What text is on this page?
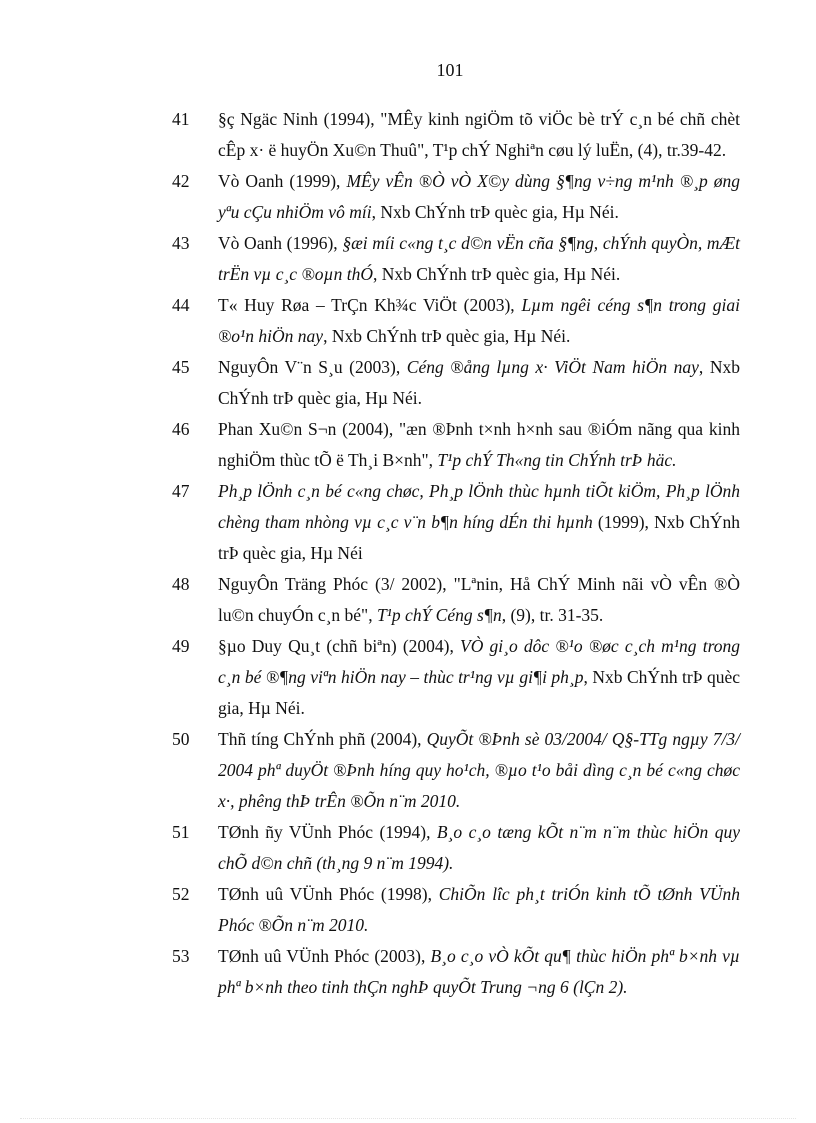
101

41 §ç Ngäc Ninh (1994), "MÊy kinh ngiÖm tõ viÖc bè trÝ c¸n bé chñ chèt cÊp x· ë huyÖn Xu©n Thuû", T¹p chÝ Nghiªn cøu lý luËn, (4), tr.39-42.

42 Vò Oanh (1999), MÊy vÊn ®Ò vÒ X©y dùng §¶ng v÷ng m¹nh ®¸p øng yªu cÇu nhiÖm vô míi, Nxb ChÝnh trÞ quèc gia, Hµ Néi.

43 Vò Oanh (1996), §æi míi c«ng t¸c d©n vËn cña §¶ng, chÝnh quyÒn, mÆt trËn vµ c¸c ®oµn thÓ, Nxb ChÝnh trÞ quèc gia, Hµ Néi.

44 T« Huy Røa – TrÇn Kh¾c ViÖt (2003), Lµm ngêi céng s¶n trong giai ®o¹n hiÖn nay, Nxb ChÝnh trÞ quèc gia, Hµ Néi.

45 NguyÔn V¨n S¸u (2003), Céng ®ång lµng x· ViÖt Nam hiÖn nay, Nxb ChÝnh trÞ quèc gia, Hµ Néi.

46 Phan Xu©n S¬n (2004), "æn ®Þnh t×nh h×nh sau ®iÓm nãng qua kinh nghiÖm thùc tÕ ë Th¸i B×nh", T¹p chÝ Th«ng tin ChÝnh trÞ häc.

47 Ph¸p lÖnh c¸n bé c«ng chøc, Ph¸p lÖnh thùc hµnh tiÕt kiÖm, Ph¸p lÖnh chèng tham nhòng vµ c¸c v¨n b¶n híng dÉn thi hµnh (1999), Nxb ChÝnh trÞ quèc gia, Hµ Néi

48 NguyÔn Träng Phóc (3/ 2002), "Lªnin, Hå ChÝ Minh nãi vÒ vÊn ®Ò lu©n chuyÓn c¸n bé", T¹p chÝ Céng s¶n, (9), tr. 31-35.

49 §µo Duy Qu¸t (chñ biªn) (2004), VÒ gi¸o dôc ®¹o ®øc c¸ch m¹ng trong c¸n bé ®¶ng viªn hiÖn nay – thùc tr¹ng vµ gi¶i ph¸p, Nxb ChÝnh trÞ quèc gia, Hµ Néi.

50 Thñ tíng ChÝnh phñ (2004), QuyÕt ®Þnh sè 03/2004/ Q§-TTg ngµy 7/3/ 2004 phª duyÖt ®Þnh híng quy ho¹ch, ®µo t¹o båi dìng c¸n bé c«ng chøc x·, phêng thÞ trÊn ®Õn n¨m 2010.

51 TØnh ñy VÜnh Phóc (1994), B¸o c¸o tæng kÕt n¨m n¨m thùc hiÖn quy chÕ d©n chñ (th¸ng 9 n¨m 1994).

52 TØnh uû VÜnh Phóc (1998), ChiÕn lîc ph¸t triÓn kinh tÕ tØnh VÜnh Phóc ®Õn n¨m 2010.

53 TØnh uû VÜnh Phóc (2003), B¸o c¸o vÒ kÕt qu¶ thùc hiÖn phª b×nh vµ phª b×nh theo tinh thÇn nghÞ quyÕt Trung ¬ng 6 (lÇn 2).
